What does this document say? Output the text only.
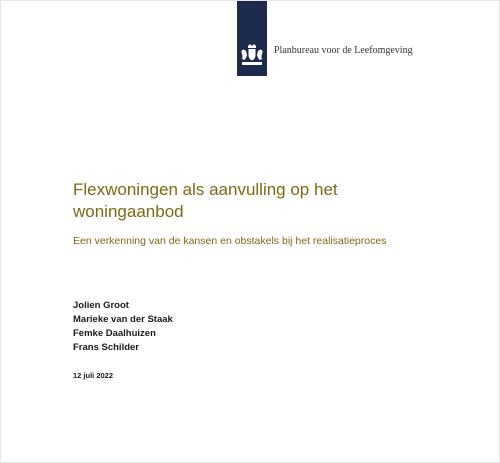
Planbureau voor de Leefomgeving
Flexwoningen als aanvulling op het
woningaanbod
Een verkenning van de kansen en obstakels bij het realisatieproces
Jolien Groot
Marieke van der Staak
Femke Daalhuizen
Frans Schilder
12 juli 2022
